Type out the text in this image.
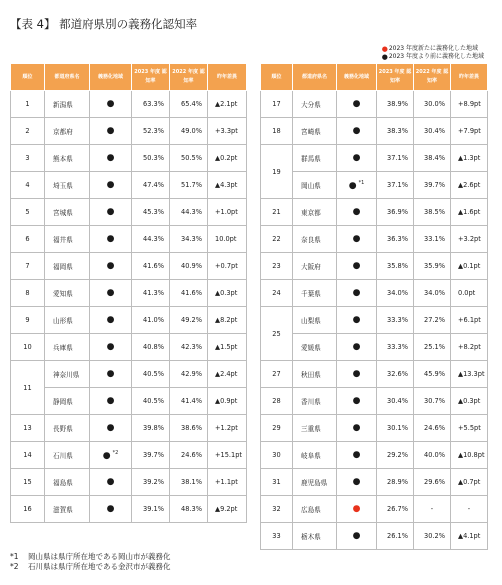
【表 4】 都道府県別の義務化認知率
● 2023 年度新たに義務化した地域
● 2023 年度より前に義務化した地域
順位	都道府県名	義務化地域	2023 年度 認知率	2022 年度 認知率	昨年差異
1	新潟県	●	63.3%	65.4%	▲2.1pt
2	京都府	●	52.3%	49.0%	+3.3pt
3	熊本県	●	50.3%	50.5%	▲0.2pt
4	埼玉県	●	47.4%	51.7%	▲4.3pt
5	宮城県	●	45.3%	44.3%	+1.0pt
6	福井県	●	44.3%	34.3%	10.0pt
7	福岡県	●	41.6%	40.9%	+0.7pt
8	愛知県	●	41.3%	41.6%	▲0.3pt
9	山形県	●	41.0%	49.2%	▲8.2pt
10	兵庫県	●	40.8%	42.3%	▲1.5pt
11	神奈川県	●	40.5%	42.9%	▲2.4pt
	静岡県	●	40.5%	41.4%	▲0.9pt
13	長野県	●	39.8%	38.6%	+1.2pt
14	石川県	● $^{*2}$	39.7%	24.6%	+15.1pt
15	福島県	●	39.2%	38.1%	+1.1pt
16	滋賀県	●	39.1%	48.3%	▲9.2pt
順位	都道府県名	義務化地域	2023 年度 認知率	2022 年度 認知率	昨年差異
17	大分県	●	38.9%	30.0%	+8.9pt
18	宮崎県	●	38.3%	30.4%	+7.9pt
19	群馬県	●	37.1%	38.4%	▲1.3pt
	岡山県	● $^{*1}$	37.1%	39.7%	▲2.6pt
21	東京都	●	36.9%	38.5%	▲1.6pt
22	奈良県	●	36.3%	33.1%	+3.2pt
23	大阪府	●	35.8%	35.9%	▲0.1pt
24	千葉県	●	34.0%	34.0%	0.0pt
25	山梨県	●	33.3%	27.2%	+6.1pt
	愛媛県	●	33.3%	25.1%	+8.2pt
27	秋田県	●	32.6%	45.9%	▲13.3pt
28	香川県	●	30.4%	30.7%	▲0.3pt
29	三重県	●	30.1%	24.6%	+5.5pt
30	岐阜県	●	29.2%	40.0%	▲10.8pt
31	鹿児島県	●	28.9%	29.6%	▲0.7pt
32	広島県	●	26.7%	-	-
33	栃木県	●	26.1%	30.2%	▲4.1pt
*1 岡山県は県庁所在地である岡山市が義務化
*2 石川県は県庁所在地である金沢市が義務化
